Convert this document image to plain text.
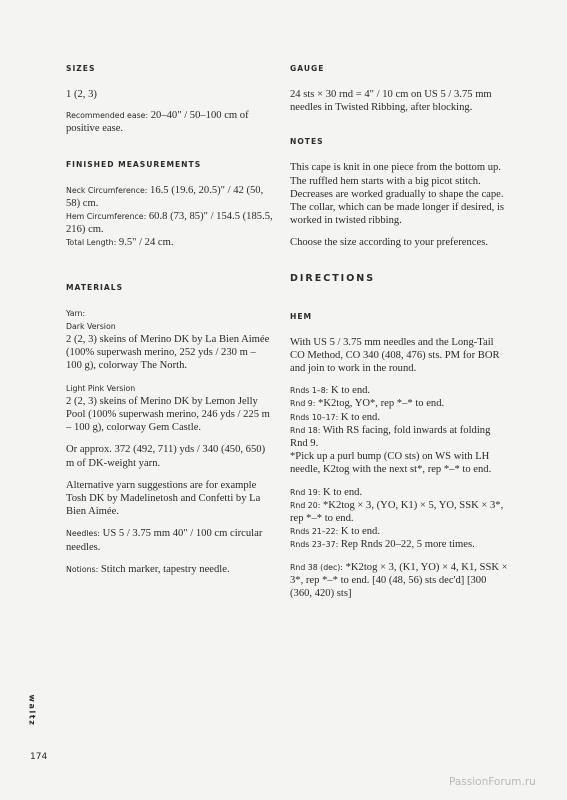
SIZES

1 (2, 3)

Recommended ease: 20–40" / 50–100 cm of positive ease.

FINISHED MEASUREMENTS

Neck Circumference: 16.5 (19.6, 20.5)" / 42 (50, 58) cm.

Hem Circumference: 60.8 (73, 85)" / 154.5 (185.5, 216) cm.

Total Length: 9.5" / 24 cm.

MATERIALS

Yarn:

Dark Version

2 (2, 3) skeins of Merino DK by La Bien Aimée (100% superwash merino, 252 yds / 230 m – 100 g), colorway The North.

Light Pink Version

2 (2, 3) skeins of Merino DK by Lemon Jelly Pool (100% superwash merino, 246 yds / 225 m – 100 g), colorway Gem Castle.

Or approx. 372 (492, 711) yds / 340 (450, 650) m of DK-weight yarn.

Alternative yarn suggestions are for example Tosh DK by Madelinetosh and Confetti by La Bien Aimée.

Needles: US 5 / 3.75 mm 40" / 100 cm circular needles.

Notions: Stitch marker, tapestry needle.

GAUGE

24 sts × 30 rnd = 4" / 10 cm on US 5 / 3.75 mm needles in Twisted Ribbing, after blocking.

NOTES

This cape is knit in one piece from the bottom up. The ruffled hem starts with a big picot stitch. Decreases are worked gradually to shape the cape. The collar, which can be made longer if desired, is worked in twisted ribbing.

Choose the size according to your preferences.

DIRECTIONS

HEM

With US 5 / 3.75 mm needles and the Long-Tail CO Method, CO 340 (408, 476) sts. PM for BOR and join to work in the round.

Rnds 1–8: K to end.

Rnd 9: *K2tog, YO*, rep *–* to end.

Rnds 10–17: K to end.

Rnd 18: With RS facing, fold inwards at folding Rnd 9.

*Pick up a purl bump (CO sts) on WS with LH needle, K2tog with the next st*, rep *–* to end.

Rnd 19: K to end.

Rnd 20: *K2tog × 3, (YO, K1) × 5, YO, SSK × 3*, rep *–* to end.

Rnds 21–22: K to end.

Rnds 23–37: Rep Rnds 20–22, 5 more times.

Rnd 38 (dec): *K2tog × 3, (K1, YO) × 4, K1, SSK × 3*, rep *–* to end. [40 (48, 56) sts dec'd] [300 (360, 420) sts]

waltz
174
PassionForum.ru
